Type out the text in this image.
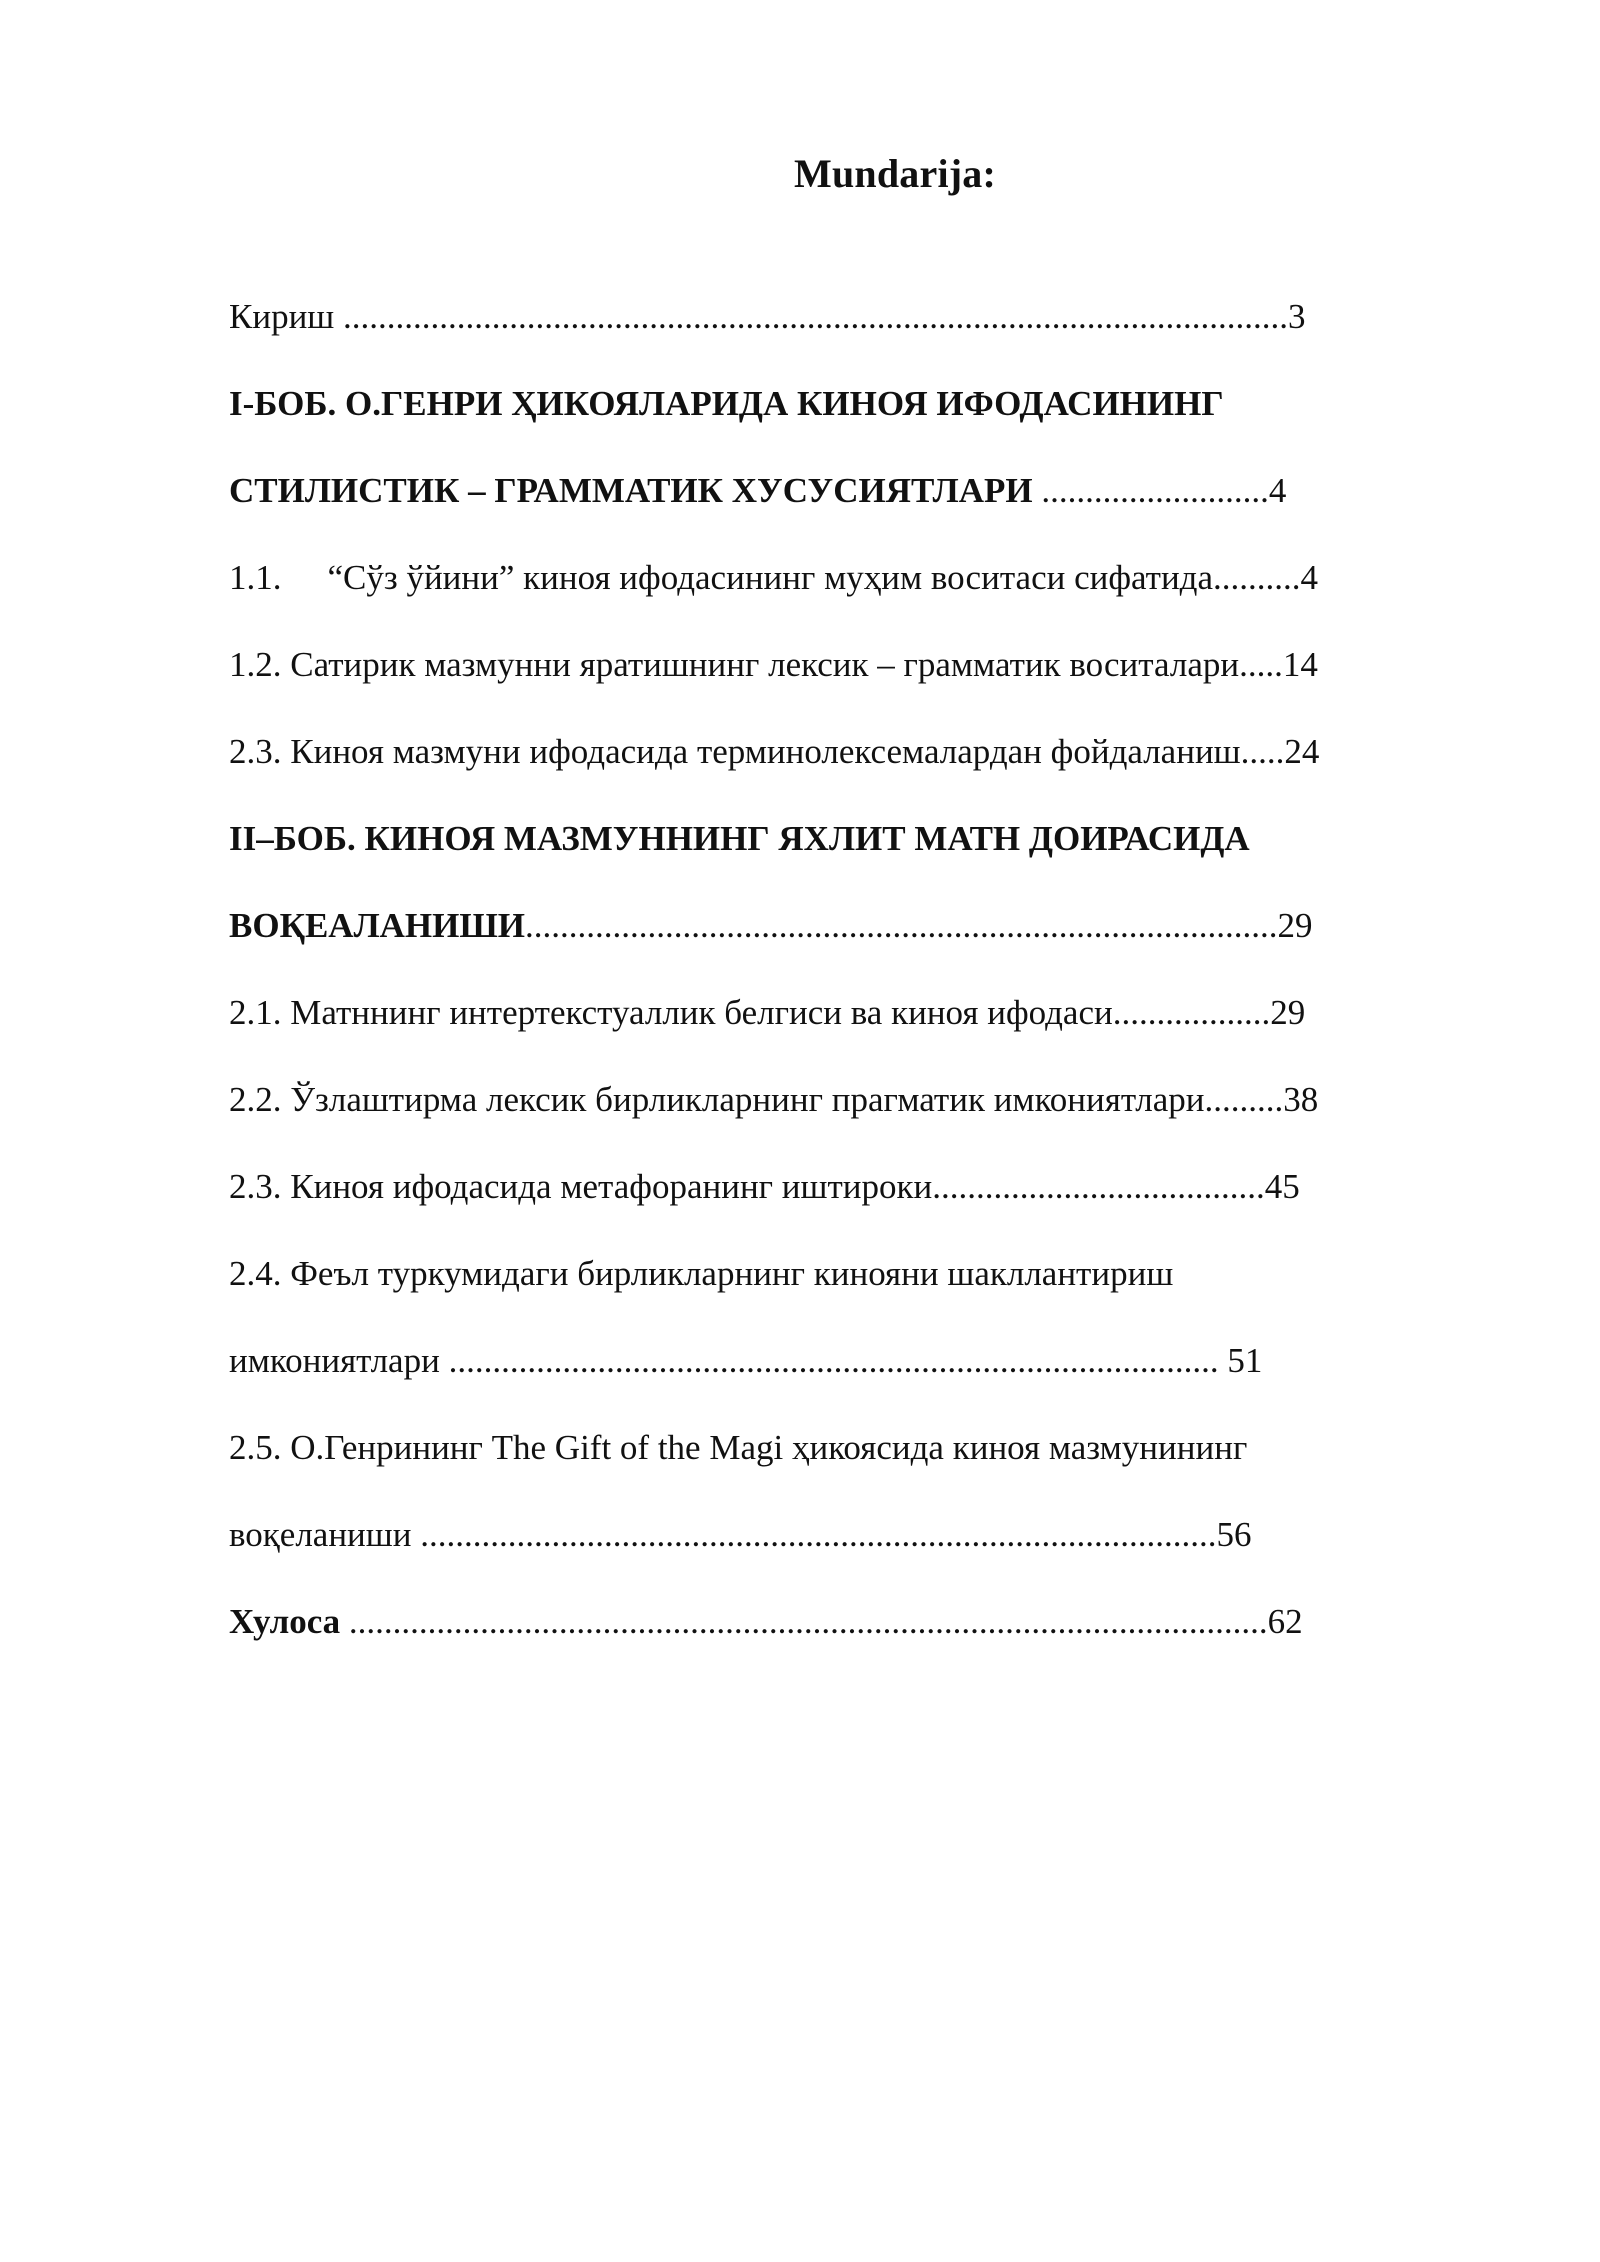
Mundarija:
Кириш ............................................................................................................3
I-БОБ. О.ГЕНРИ ҲИКОЯЛАРИДА КИНОЯ ИФОДАСИНИНГ
СТИЛИСТИК – ГРАММАТИК ХУСУСИЯТЛАРИ ..........................4
1.1. “Сўз ўйини” киноя ифодасининг муҳим воситаси сифатида..........4
1.2. Сатирик мазмунни яратишнинг лексик – грамматик воситалари.....14
2.3. Киноя мазмуни ифодасида терминолексемалардан фойдаланиш.....24
II–БОБ. КИНОЯ МАЗМУННИНГ ЯХЛИТ МАТН ДОИРАСИДА
ВОҚЕАЛАНИШИ......................................................................................29
2.1. Матннинг интертекстуаллик белгиси ва киноя ифодаси..................29
2.2. Ўзлаштирма лексик бирликларнинг прагматик имкониятлари.........38
2.3. Киноя ифодасида метафоранинг иштироки......................................45
2.4. Феъл туркумидаги бирликларнинг кинояни шакллантириш
имкониятлари ........................................................................................ 51
2.5. О.Генрининг The Gift of the Magi ҳикоясида киноя мазмунининг
воқеланиши ...........................................................................................56
Хулоса .........................................................................................................62
